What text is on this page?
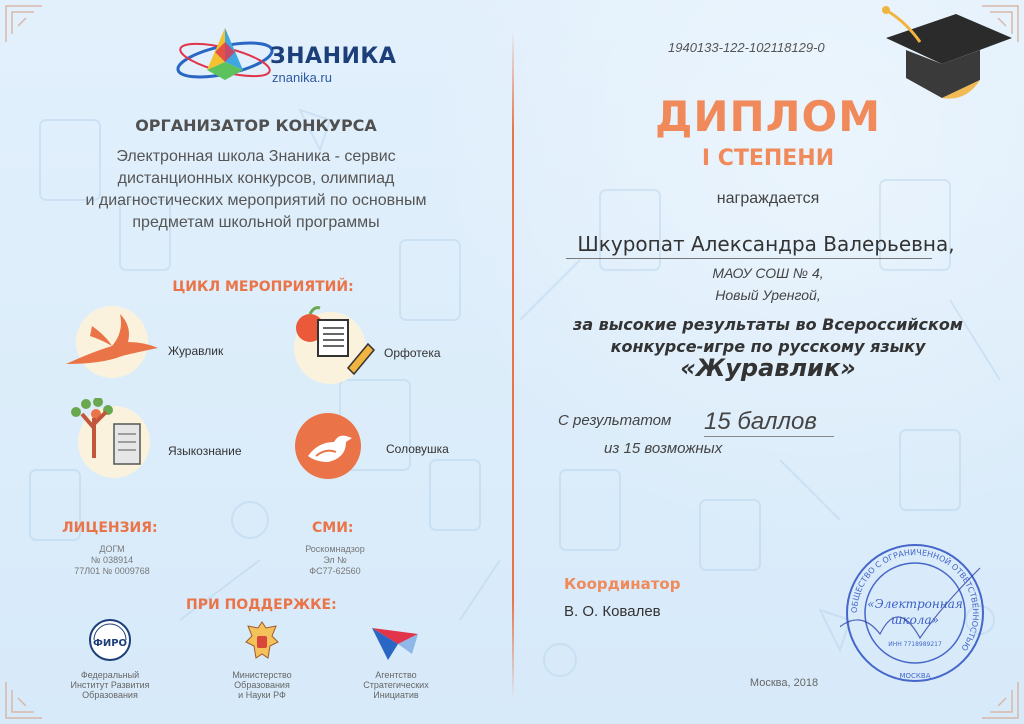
ЗНАНИКА
znanika.ru
ОРГАНИЗАТОР КОНКУРСА
Электронная школа Знаника - сервис
дистанционных конкурсов, олимпиад
и диагностических мероприятий по основным
предметам школьной программы
ЦИКЛ МЕРОПРИЯТИЙ:
Журавлик	Орфотека
Языкознание	Соловушка
ЛИЦЕНЗИЯ:
ДОГМ
№ 038914
77Л01 № 0009768
СМИ:
Роскомнадзор
Эл №
ФС77-62560
ПРИ ПОДДЕРЖКЕ:
ФИРО
Федеральный
Институт Развития
Образования
Министерство
Образования
и Науки РФ
Агентство
Стратегических
Инициатив
1940133-122-102118129-0
ДИПЛОМ
I СТЕПЕНИ
награждается
Шкуропат Александра Валерьевна,
МАОУ СОШ № 4,
Новый Уренгой,
за высокие результаты во Всероссийском
конкурсе-игре по русскому языку
«Журавлик»
С результатом 15 баллов
из 15 возможных
Координатор
В. О. Ковалев	ОБЩЕСТВО С ОГРАНИЧЕННОЙ ОТВЕТСТВЕННОСТЬЮ
«Электронная
школа»
ИНН 7718989217
МОСКВА
Москва, 2018
